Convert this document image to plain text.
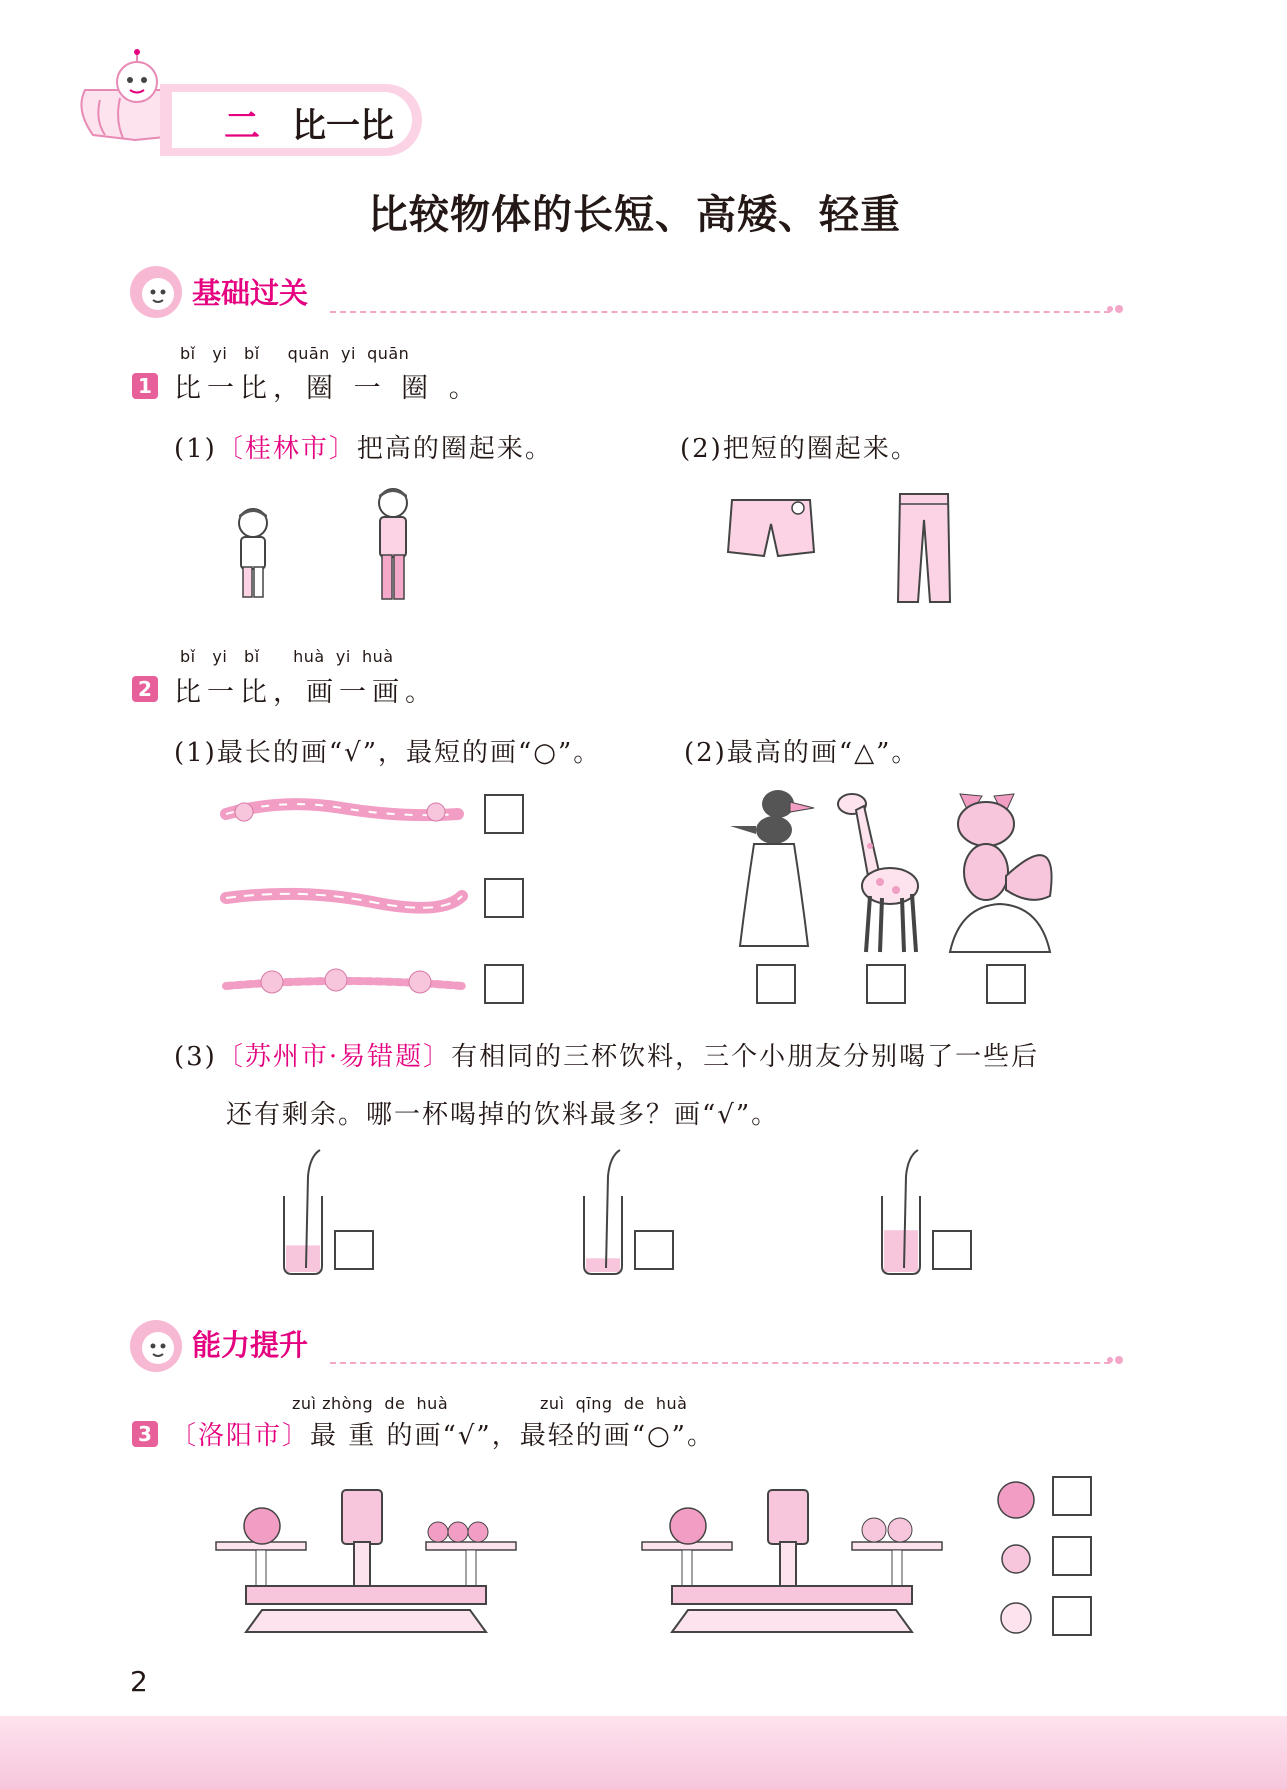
二 比一比
比较物体的长短、高矮、轻重
基础过关
bǐ   yi   bǐ     quān  yi  quān
1 比一比，圈 一 圈 。
(1)〔桂林市〕把高的圈起来。	(2)把短的圈起来。
bǐ   yi   bǐ      huà  yi  huà
2 比一比，画一画。
(1)最长的画“√”，最短的画“○”。	(2)最高的画“△”。
(3)〔苏州市·易错题〕有相同的三杯饮料，三个小朋友分别喝了一些后
还有剩余。哪一杯喝掉的饮料最多？画“√”。
能力提升
zuì zhòng  de  huà	zuì  qīng  de  huà
3 〔洛阳市〕最 重 的画“√”，最轻的画“○”。
2
